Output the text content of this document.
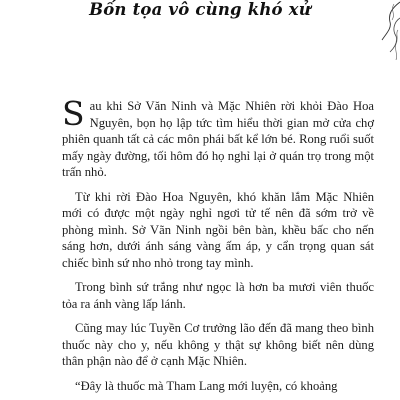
Bốn tọa vô cùng khó xử

Sau khi Sở Văn Ninh và Mặc Nhiên rời khỏi Đào Hoa Nguyên, bọn họ lập tức tìm hiểu thời gian mở cửa chợ phiên quanh tất cả các môn phái bất kể lớn bé. Rong ruổi suốt mấy ngày đường, tối hôm đó họ nghỉ lại ở quán trọ trong một trấn nhỏ.

Từ khi rời Đào Hoa Nguyên, khó khăn lắm Mặc Nhiên mới có được một ngày nghỉ ngơi tử tế nên đã sớm trở về phòng mình. Sở Vãn Ninh ngồi bên bàn, khều bấc cho nến sáng hơn, dưới ánh sáng vàng ấm áp, y cẩn trọng quan sát chiếc bình sứ nho nhỏ trong tay mình.

Trong bình sứ trắng như ngọc là hơn ba mươi viên thuốc tỏa ra ánh vàng lấp lánh.

Cũng may lúc Tuyền Cơ trưởng lão đến đã mang theo bình thuốc này cho y, nếu không y thật sự không biết nên dùng thân phận nào để ở cạnh Mặc Nhiên.

“Đây là thuốc mà Tham Lang mới luyện, có khoảng
